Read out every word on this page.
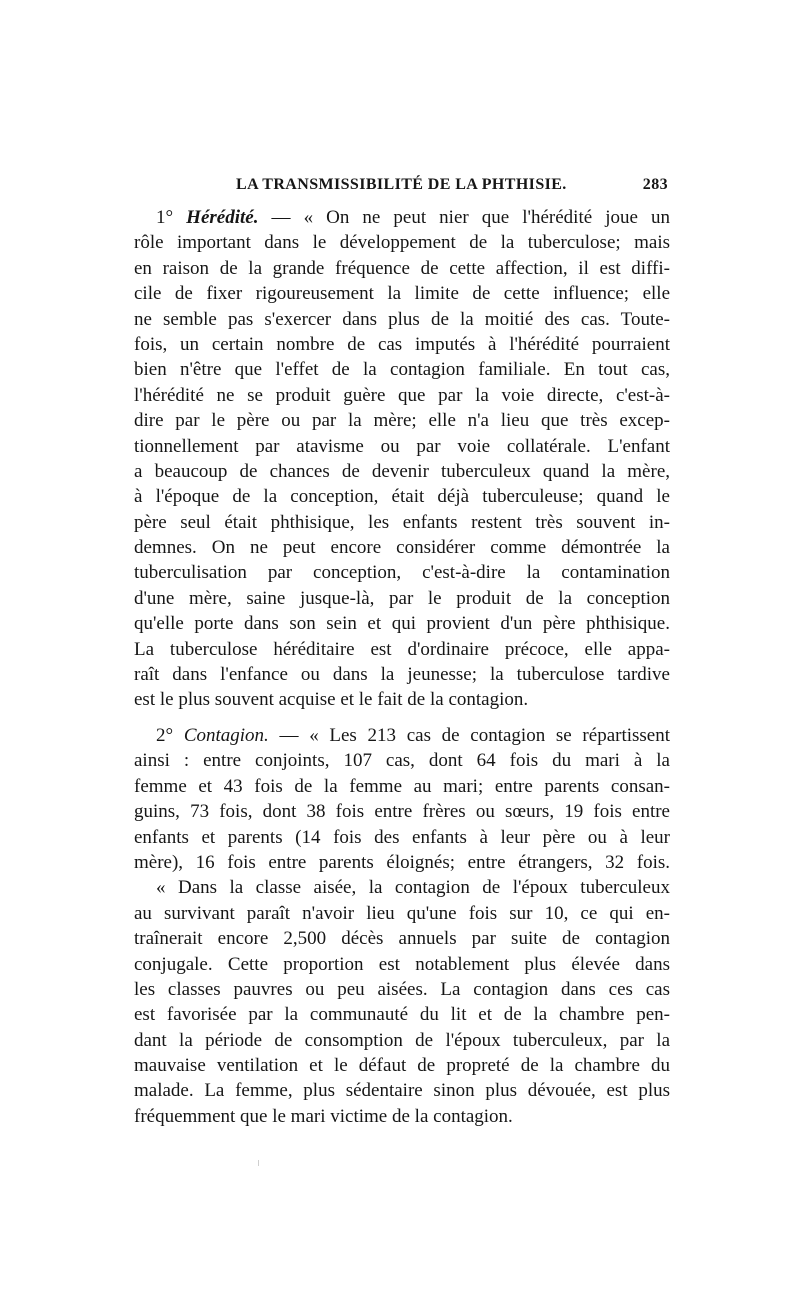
LA TRANSMISSIBILITÉ DE LA PHTHISIE.	283
1° Hérédité. — « On ne peut nier que l'hérédité joue un
rôle important dans le développement de la tuberculose; mais
en raison de la grande fréquence de cette affection, il est diffi-
cile de fixer rigoureusement la limite de cette influence; elle
ne semble pas s'exercer dans plus de la moitié des cas. Toute-
fois, un certain nombre de cas imputés à l'hérédité pourraient
bien n'être que l'effet de la contagion familiale. En tout cas,
l'hérédité ne se produit guère que par la voie directe, c'est-à-
dire par le père ou par la mère; elle n'a lieu que très excep-
tionnellement par atavisme ou par voie collatérale. L'enfant
a beaucoup de chances de devenir tuberculeux quand la mère,
à l'époque de la conception, était déjà tuberculeuse; quand le
père seul était phthisique, les enfants restent très souvent in-
demnes. On ne peut encore considérer comme démontrée la
tuberculisation par conception, c'est-à-dire la contamination
d'une mère, saine jusque-là, par le produit de la conception
qu'elle porte dans son sein et qui provient d'un père phthisique.
La tuberculose héréditaire est d'ordinaire précoce, elle appa-
raît dans l'enfance ou dans la jeunesse; la tuberculose tardive
est le plus souvent acquise et le fait de la contagion.
2° Contagion. — « Les 213 cas de contagion se répartissent
ainsi : entre conjoints, 107 cas, dont 64 fois du mari à la
femme et 43 fois de la femme au mari; entre parents consan-
guins, 73 fois, dont 38 fois entre frères ou sœurs, 19 fois entre
enfants et parents (14 fois des enfants à leur père ou à leur
mère), 16 fois entre parents éloignés; entre étrangers, 32 fois.
« Dans la classe aisée, la contagion de l'époux tuberculeux
au survivant paraît n'avoir lieu qu'une fois sur 10, ce qui en-
traînerait encore 2,500 décès annuels par suite de contagion
conjugale. Cette proportion est notablement plus élevée dans
les classes pauvres ou peu aisées. La contagion dans ces cas
est favorisée par la communauté du lit et de la chambre pen-
dant la période de consomption de l'époux tuberculeux, par la
mauvaise ventilation et le défaut de propreté de la chambre du
malade. La femme, plus sédentaire sinon plus dévouée, est plus
fréquemment que le mari victime de la contagion.
